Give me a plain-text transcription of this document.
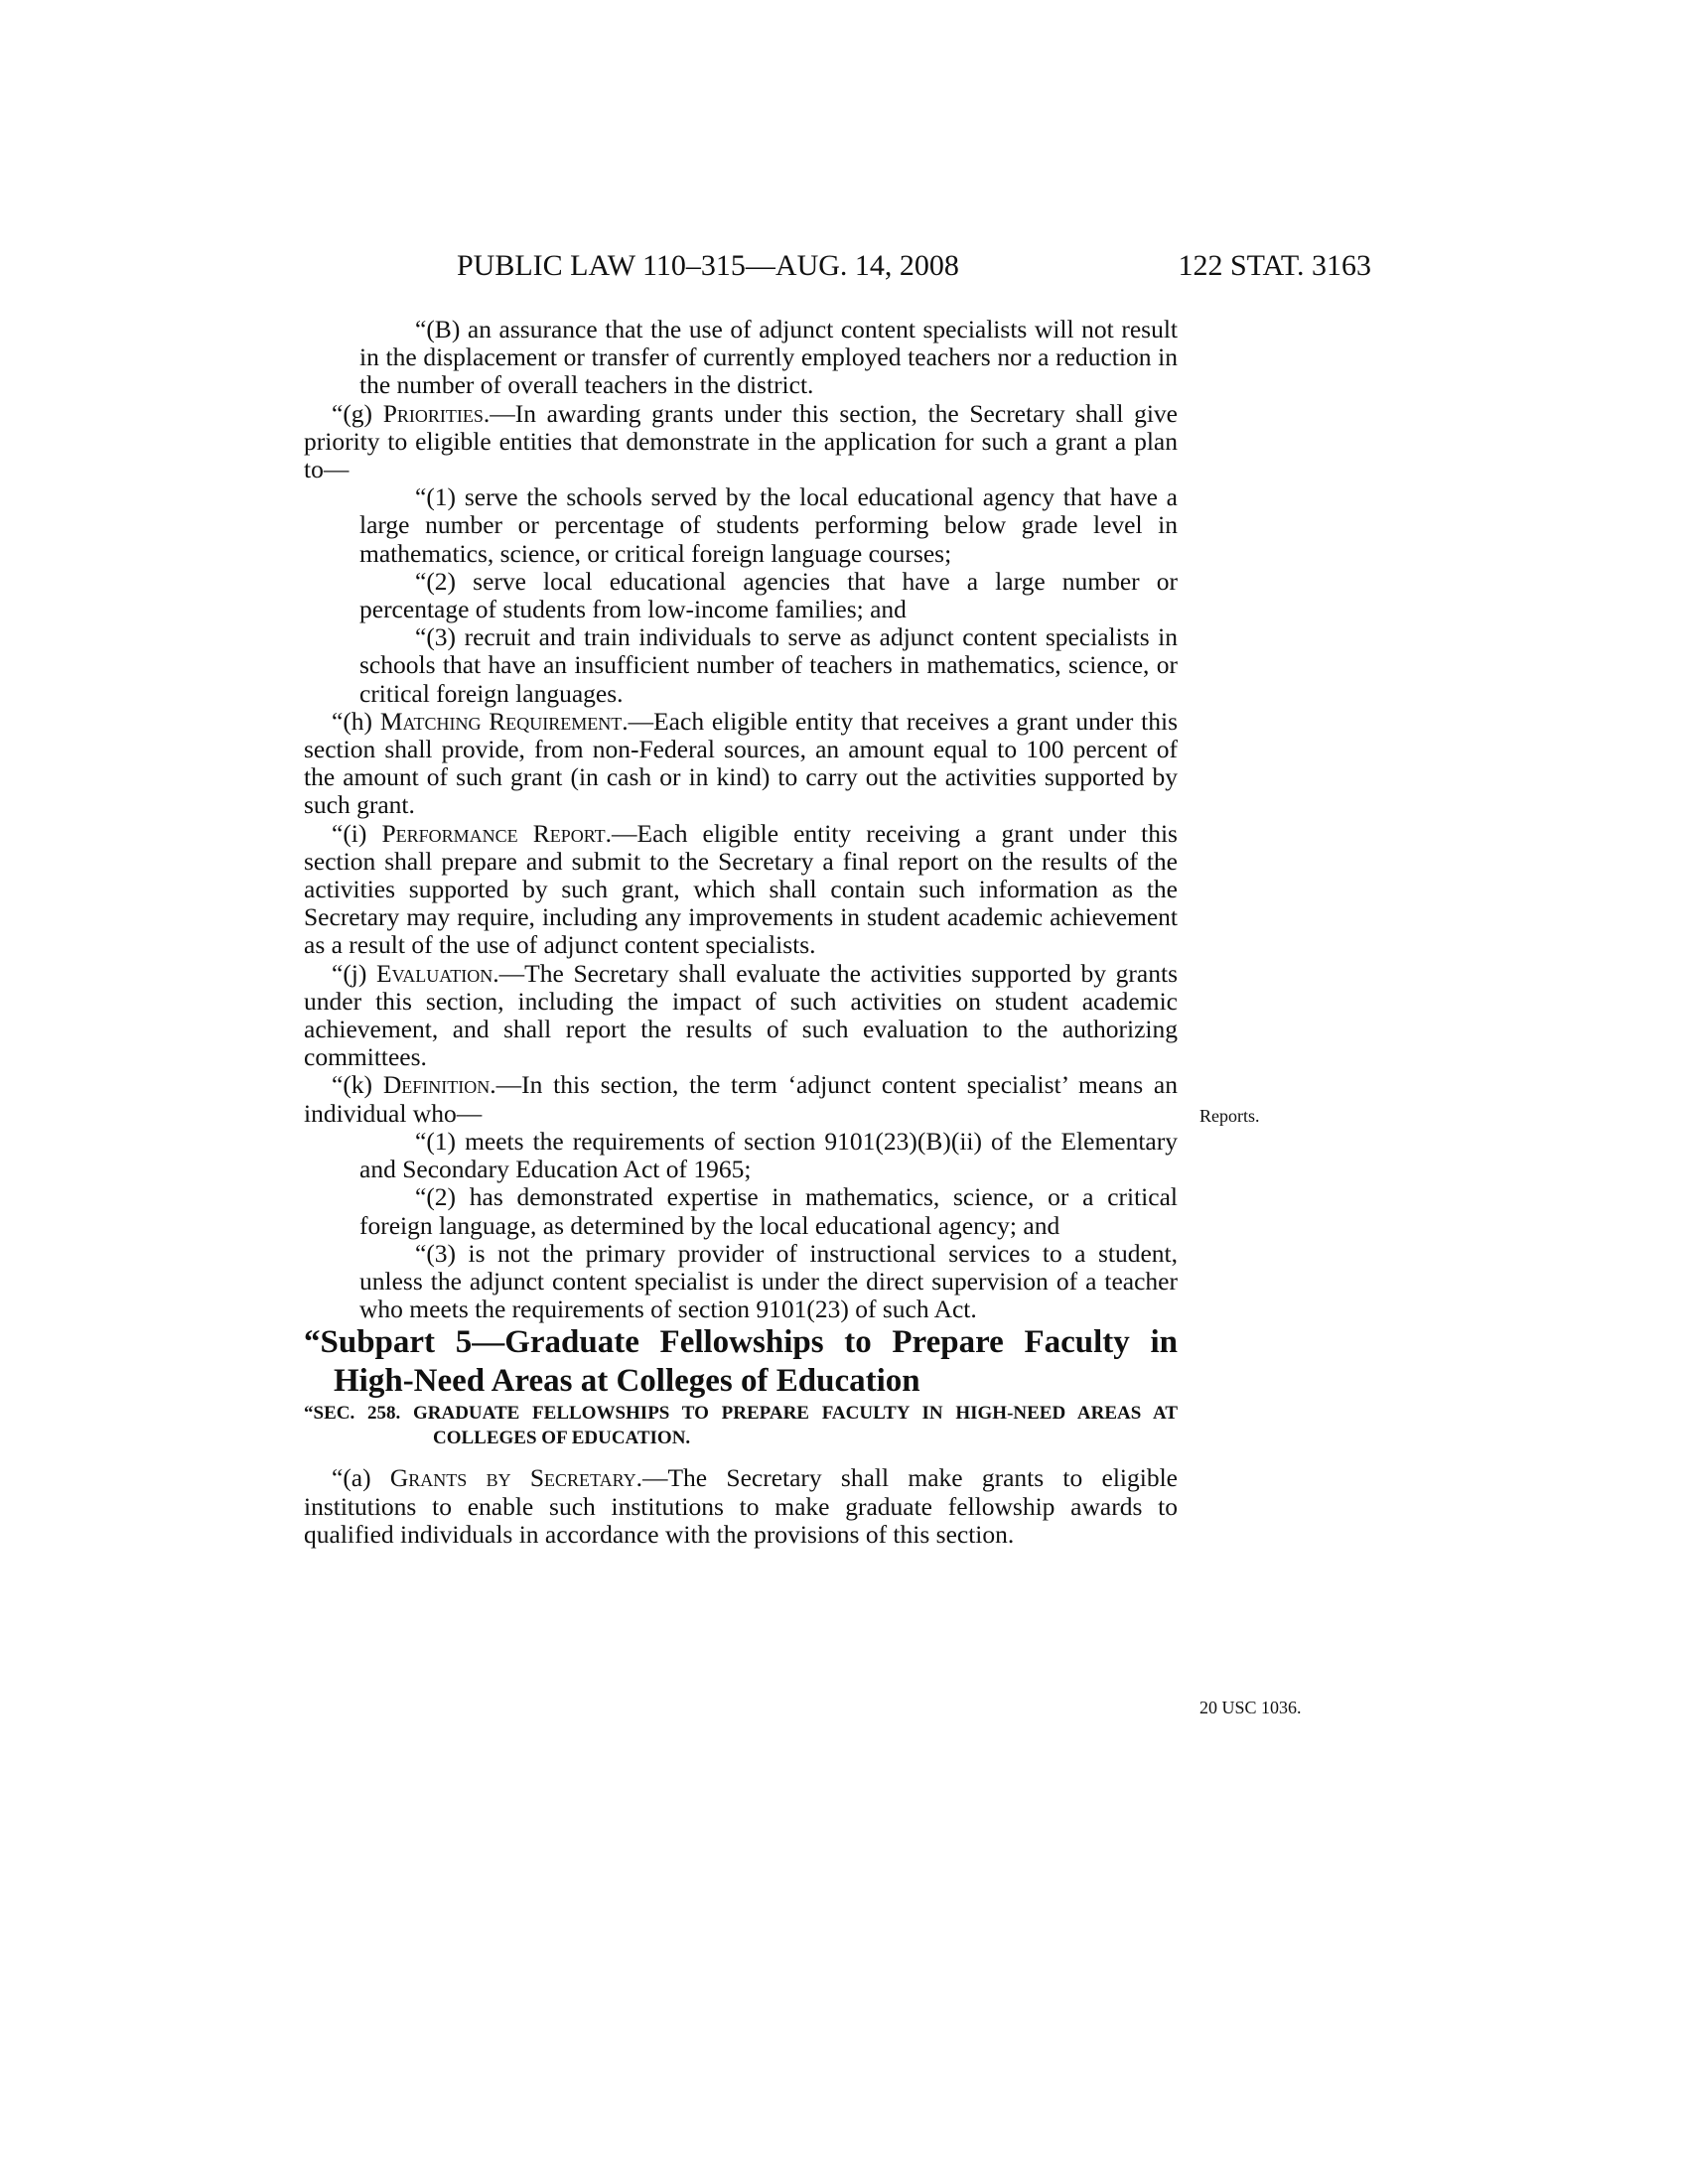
PUBLIC LAW 110–315—AUG. 14, 2008	122 STAT. 3163

“(B) an assurance that the use of adjunct content specialists will not result in the displacement or transfer of currently employed teachers nor a reduction in the number of overall teachers in the district.

“(g) Priorities.—In awarding grants under this section, the Secretary shall give priority to eligible entities that demonstrate in the application for such a grant a plan to—

“(1) serve the schools served by the local educational agency that have a large number or percentage of students performing below grade level in mathematics, science, or critical foreign language courses;

“(2) serve local educational agencies that have a large number or percentage of students from low-income families; and

“(3) recruit and train individuals to serve as adjunct content specialists in schools that have an insufficient number of teachers in mathematics, science, or critical foreign languages.

“(h) Matching Requirement.—Each eligible entity that receives a grant under this section shall provide, from non-Federal sources, an amount equal to 100 percent of the amount of such grant (in cash or in kind) to carry out the activities supported by such grant.

“(i) Performance Report.—Each eligible entity receiving a grant under this section shall prepare and submit to the Secretary a final report on the results of the activities supported by such grant, which shall contain such information as the Secretary may require, including any improvements in student academic achievement as a result of the use of adjunct content specialists.

“(j) Evaluation.—The Secretary shall evaluate the activities supported by grants under this section, including the impact of such activities on student academic achievement, and shall report the results of such evaluation to the authorizing committees.

“(k) Definition.—In this section, the term ‘adjunct content specialist’ means an individual who—

“(1) meets the requirements of section 9101(23)(B)(ii) of the Elementary and Secondary Education Act of 1965;

“(2) has demonstrated expertise in mathematics, science, or a critical foreign language, as determined by the local educational agency; and

“(3) is not the primary provider of instructional services to a student, unless the adjunct content specialist is under the direct supervision of a teacher who meets the requirements of section 9101(23) of such Act.

“Subpart 5—Graduate Fellowships to Prepare Faculty in High-Need Areas at Colleges of Education

“SEC. 258. GRADUATE FELLOWSHIPS TO PREPARE FACULTY IN HIGH-NEED AREAS AT COLLEGES OF EDUCATION.

“(a) Grants by Secretary.—The Secretary shall make grants to eligible institutions to enable such institutions to make graduate fellowship awards to qualified individuals in accordance with the provisions of this section.

Reports.
20 USC 1036.
